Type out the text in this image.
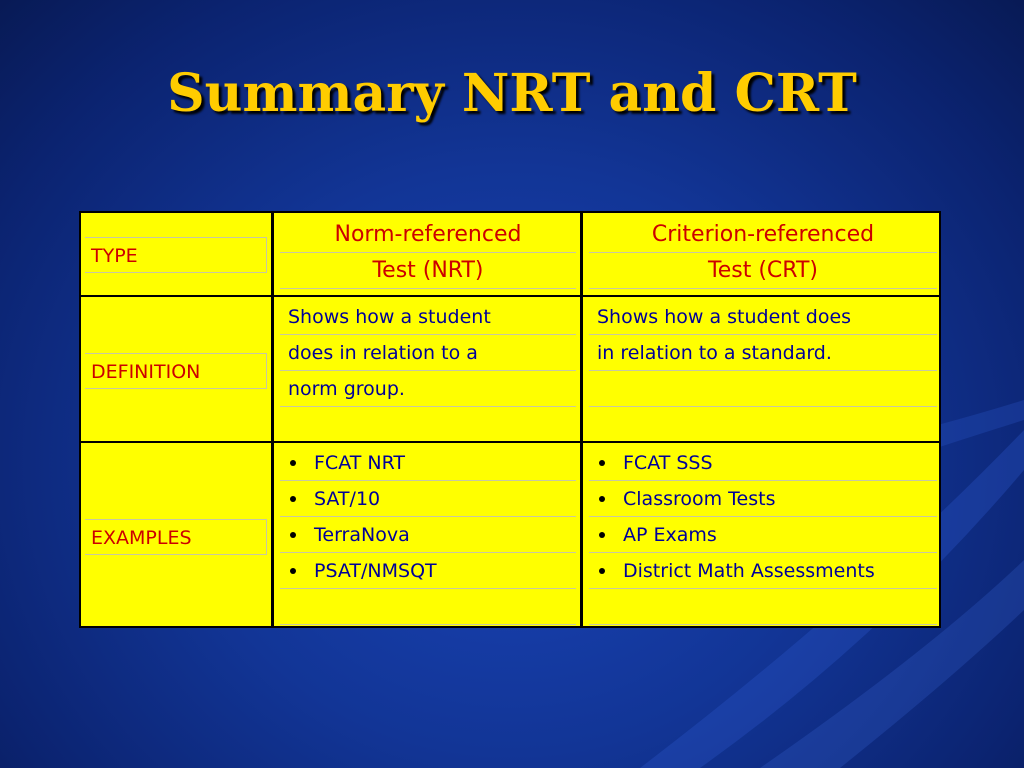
Summary NRT and CRT
TYPE
Norm-referenced
Test (NRT)
Criterion-referenced
Test (CRT)
DEFINITION
Shows how a student
does in relation to a
norm group.
Shows how a student does
in relation to a standard.
EXAMPLES
FCAT NRT
SAT/10
TerraNova
PSAT/NMSQT
FCAT SSS
Classroom Tests
AP Exams
District Math Assessments
